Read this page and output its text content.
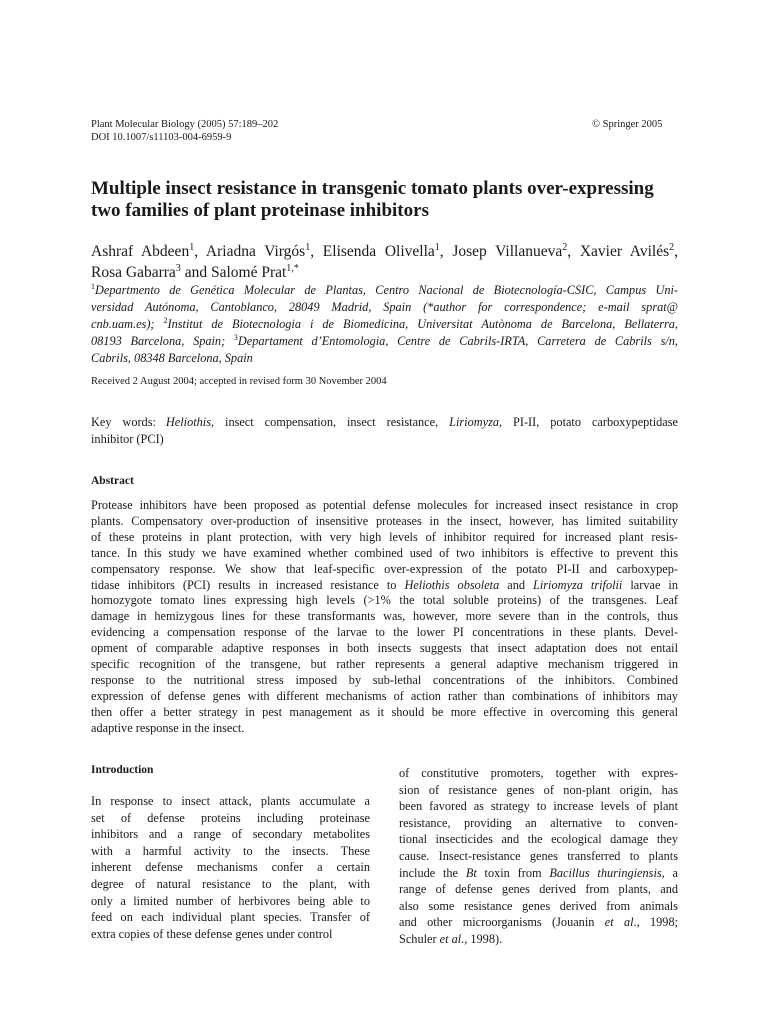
Plant Molecular Biology (2005) 57:189–202
DOI 10.1007/s11103-004-6959-9
© Springer 2005
Multiple insect resistance in transgenic tomato plants over-expressing
two families of plant proteinase inhibitors
Ashraf Abdeen$^1$, Ariadna Virgós$^1$, Elisenda Olivella$^1$, Josep Villanueva$^2$, Xavier Avilés$^2$,
Rosa Gabarra$^3$ and Salomé Prat$^{1,*}$
$^1$Departmento de Genética Molecular de Plantas, Centro Nacional de Biotecnología-CSIC, Campus Uni-
versidad Autónoma, Cantoblanco, 28049 Madrid, Spain (*author for correspondence; e-mail sprat@
cnb.uam.es); $^2$Institut de Biotecnologia i de Biomedicina, Universitat Autònoma de Barcelona, Bellaterra,
08193 Barcelona, Spain; $^3$Departament d’Entomologia, Centre de Cabrils-IRTA, Carretera de Cabrils s/n,
Cabrils, 08348 Barcelona, Spain
Received 2 August 2004; accepted in revised form 30 November 2004
Key words: Heliothis, insect compensation, insect resistance, Liriomyza, PI-II, potato carboxypeptidase
inhibitor (PCI)
Abstract
Protease inhibitors have been proposed as potential defense molecules for increased insect resistance in crop
plants. Compensatory over-production of insensitive proteases in the insect, however, has limited suitability
of these proteins in plant protection, with very high levels of inhibitor required for increased plant resis-
tance. In this study we have examined whether combined used of two inhibitors is effective to prevent this
compensatory response. We show that leaf-specific over-expression of the potato PI-II and carboxypep-
tidase inhibitors (PCI) results in increased resistance to Heliothis obsoleta and Liriomyza trifolii larvae in
homozygote tomato lines expressing high levels (>1% the total soluble proteins) of the transgenes. Leaf
damage in hemizygous lines for these transformants was, however, more severe than in the controls, thus
evidencing a compensation response of the larvae to the lower PI concentrations in these plants. Devel-
opment of comparable adaptive responses in both insects suggests that insect adaptation does not entail
specific recognition of the transgene, but rather represents a general adaptive mechanism triggered in
response to the nutritional stress imposed by sub-lethal concentrations of the inhibitors. Combined
expression of defense genes with different mechanisms of action rather than combinations of inhibitors may
then offer a better strategy in pest management as it should be more effective in overcoming this general
adaptive response in the insect.
Introduction
In response to insect attack, plants accumulate a
set of defense proteins including proteinase
inhibitors and a range of secondary metabolites
with a harmful activity to the insects. These
inherent defense mechanisms confer a certain
degree of natural resistance to the plant, with
only a limited number of herbivores being able to
feed on each individual plant species. Transfer of
extra copies of these defense genes under control
of constitutive promoters, together with expres-
sion of resistance genes of non-plant origin, has
been favored as strategy to increase levels of plant
resistance, providing an alternative to conven-
tional insecticides and the ecological damage they
cause. Insect-resistance genes transferred to plants
include the Bt toxin from Bacillus thuringiensis, a
range of defense genes derived from plants, and
also some resistance genes derived from animals
and other microorganisms (Jouanin et al., 1998;
Schuler et al., 1998).
